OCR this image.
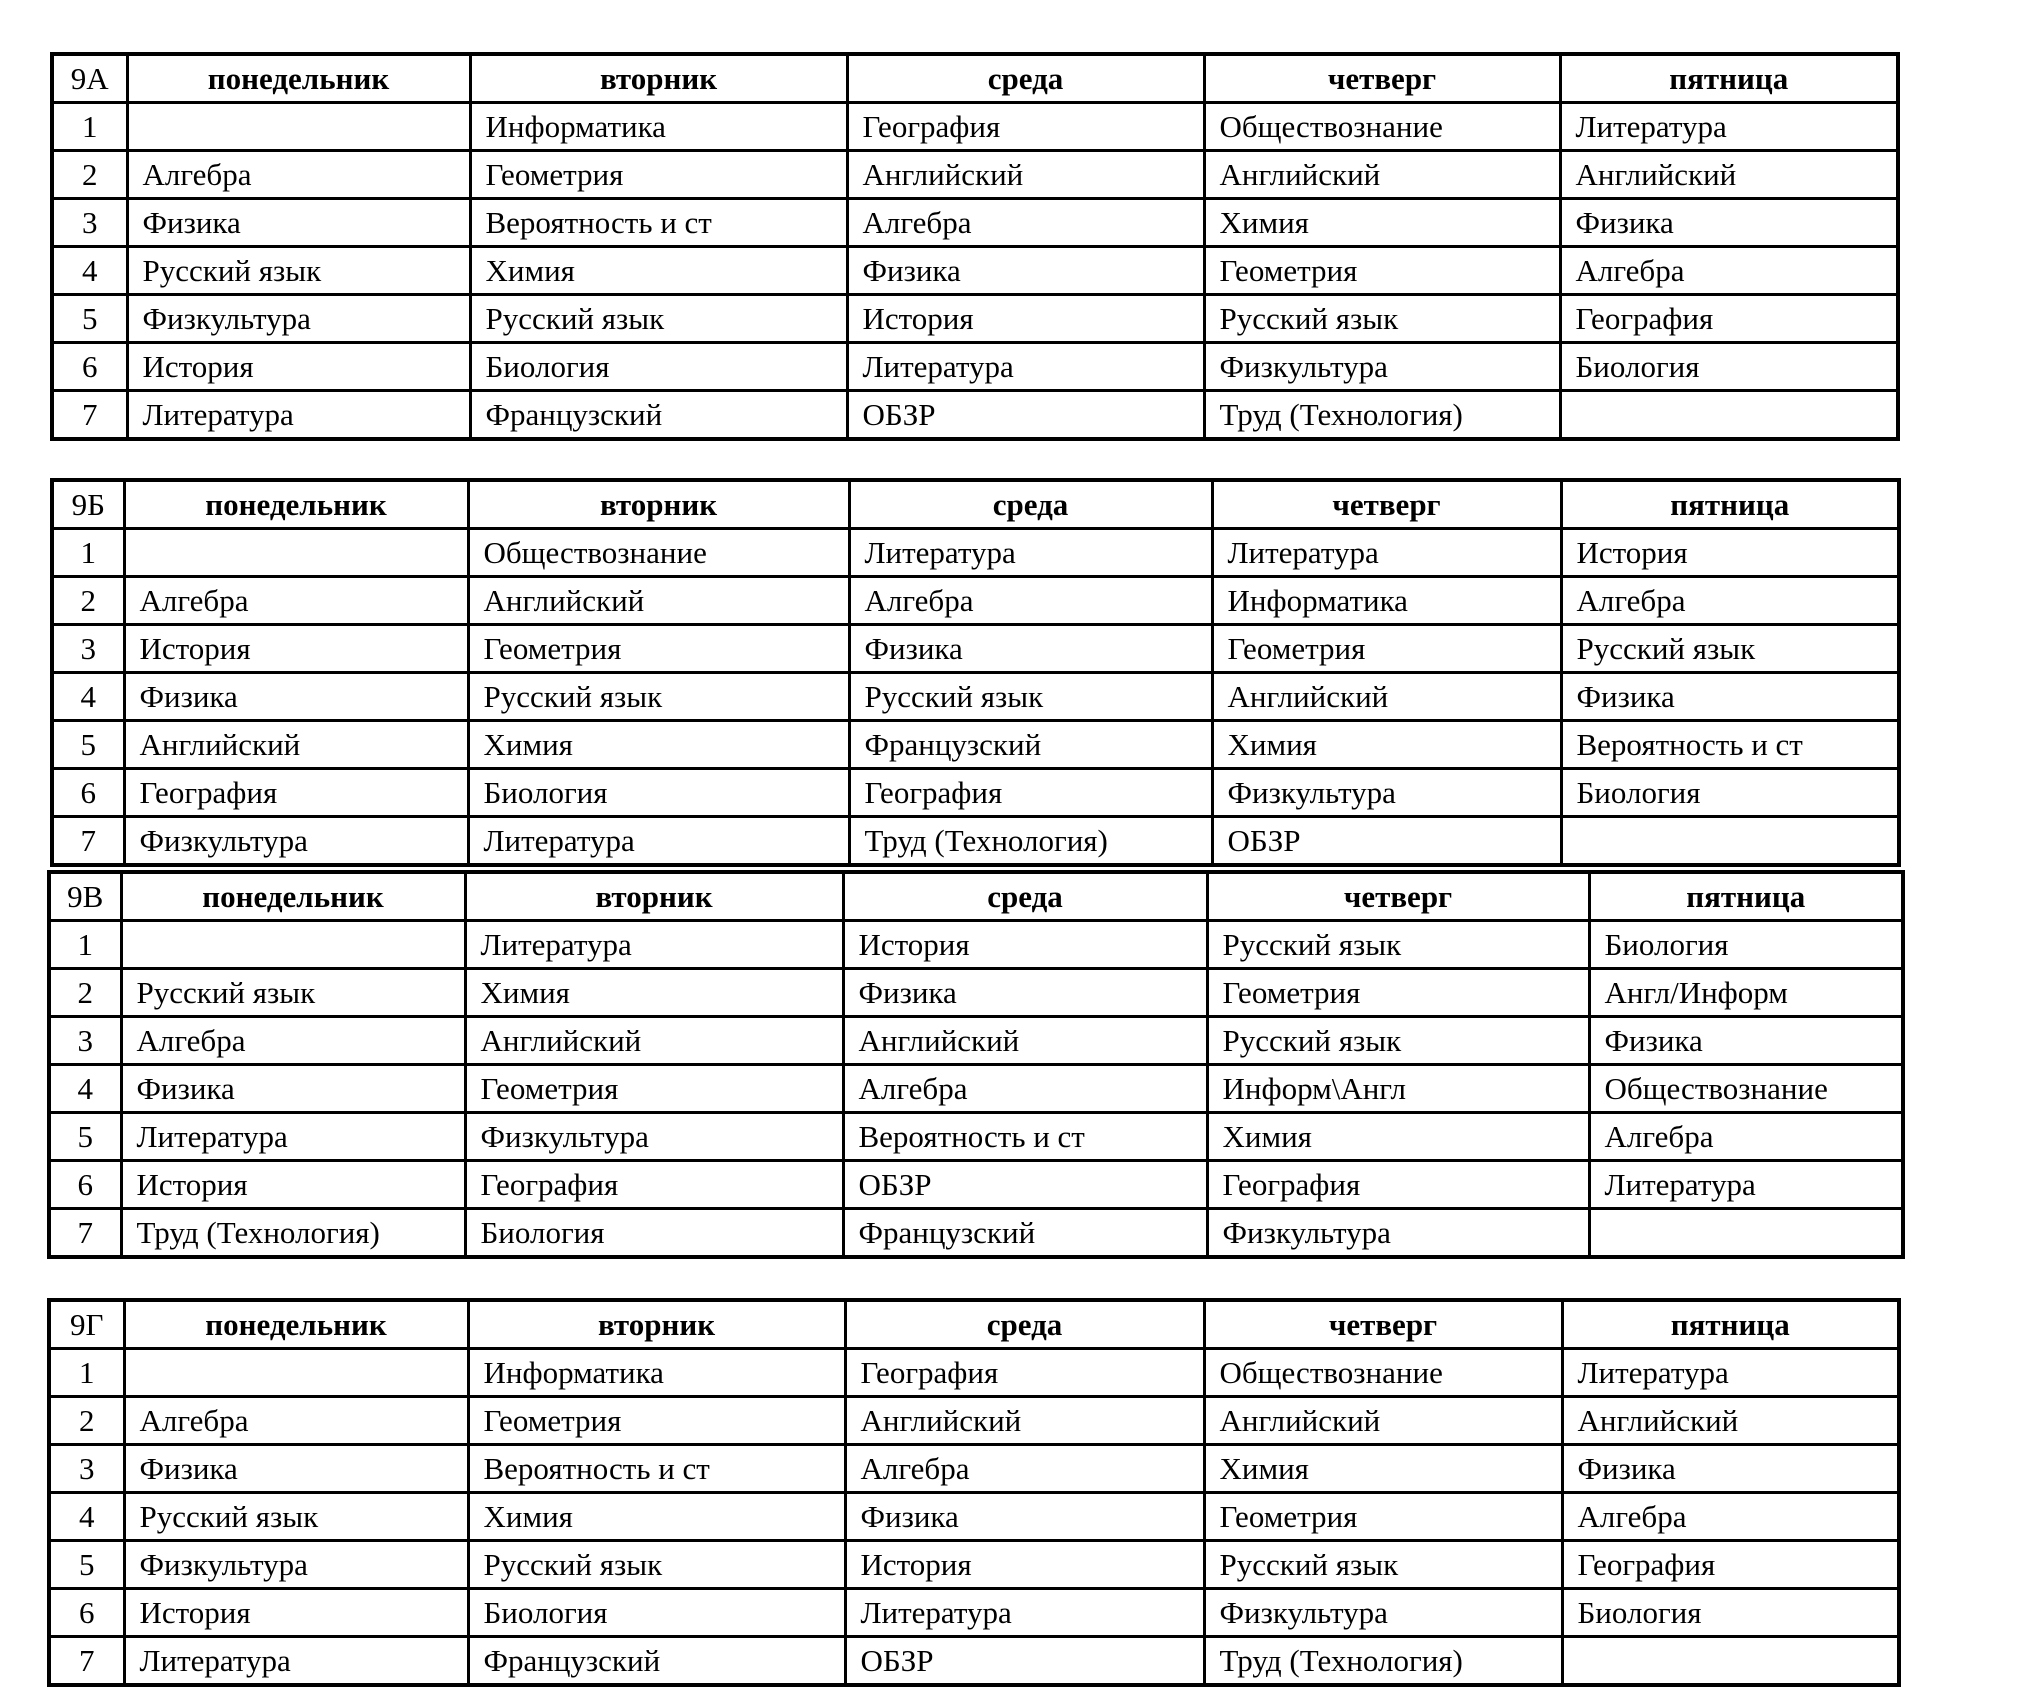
9А	понедельник	вторник	среда	четверг	пятница
1		Информатика	География	Обществознание	Литература
2	Алгебра	Геометрия	Английский	Английский	Английский
3	Физика	Вероятность и ст	Алгебра	Химия	Физика
4	Русский язык	Химия	Физика	Геометрия	Алгебра
5	Физкультура	Русский язык	История	Русский язык	География
6	История	Биология	Литература	Физкультура	Биология
7	Литература	Французский	ОБЗР	Труд (Технология)	
9Б	понедельник	вторник	среда	четверг	пятница
1		Обществознание	Литература	Литература	История
2	Алгебра	Английский	Алгебра	Информатика	Алгебра
3	История	Геометрия	Физика	Геометрия	Русский язык
4	Физика	Русский язык	Русский язык	Английский	Физика
5	Английский	Химия	Французский	Химия	Вероятность и ст
6	География	Биология	География	Физкультура	Биология
7	Физкультура	Литература	Труд (Технология)	ОБЗР	
9В	понедельник	вторник	среда	четверг	пятница
1		Литература	История	Русский язык	Биология
2	Русский язык	Химия	Физика	Геометрия	Англ/Информ
3	Алгебра	Английский	Английский	Русский язык	Физика
4	Физика	Геометрия	Алгебра	Информ\Англ	Обществознание
5	Литература	Физкультура	Вероятность и ст	Химия	Алгебра
6	История	География	ОБЗР	География	Литература
7	Труд (Технология)	Биология	Французский	Физкультура	
9Г	понедельник	вторник	среда	четверг	пятница
1		Информатика	География	Обществознание	Литература
2	Алгебра	Геометрия	Английский	Английский	Английский
3	Физика	Вероятность и ст	Алгебра	Химия	Физика
4	Русский язык	Химия	Физика	Геометрия	Алгебра
5	Физкультура	Русский язык	История	Русский язык	География
6	История	Биология	Литература	Физкультура	Биология
7	Литература	Французский	ОБЗР	Труд (Технология)	
